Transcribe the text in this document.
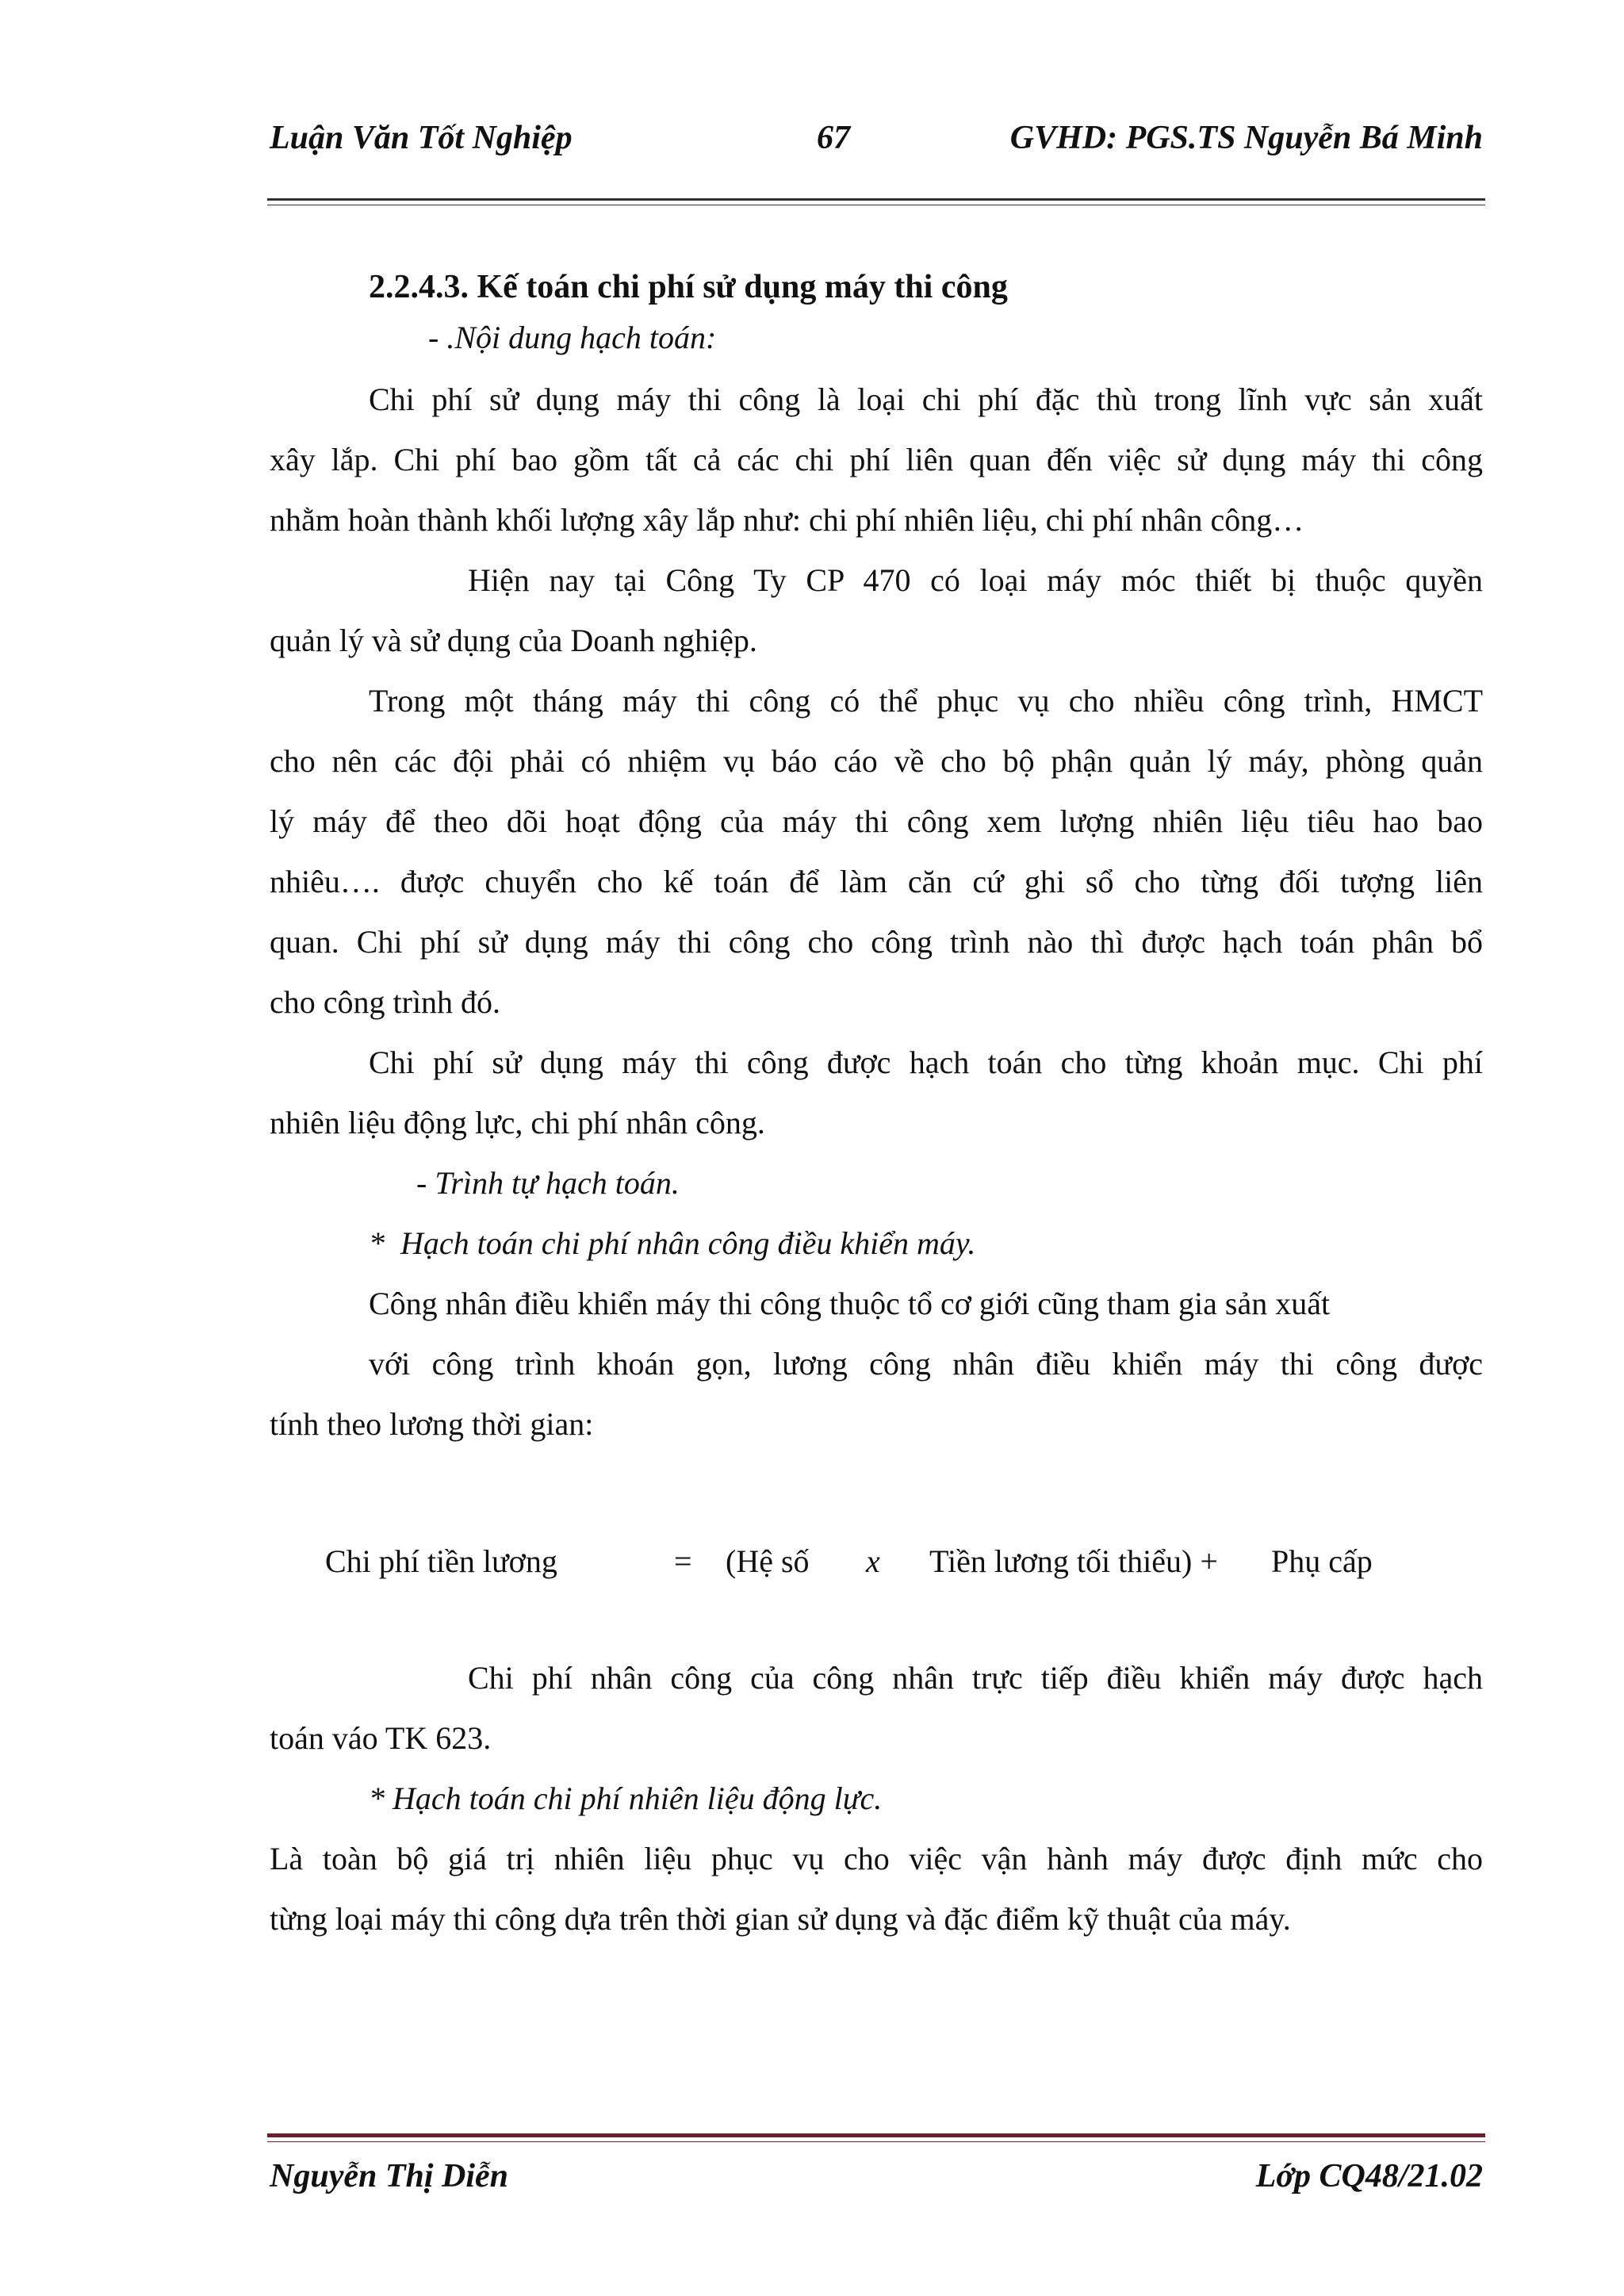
Luận Văn Tốt Nghiệp	67	GVHD: PGS.TS Nguyễn Bá Minh
2.2.4.3. Kế toán chi phí sử dụng máy thi công
- .Nội dung hạch toán:
Chi phí sử dụng máy thi công là loại chi phí đặc thù trong lĩnh vực sản xuất
xây lắp. Chi phí bao gồm tất cả các chi phí liên quan đến việc sử dụng máy thi công
nhằm hoàn thành khối lượng xây lắp như: chi phí nhiên liệu, chi phí nhân công…
Hiện nay tại Công Ty CP 470 có loại máy móc thiết bị thuộc quyền
quản lý và sử dụng của Doanh nghiệp.
Trong một tháng máy thi công có thể phục vụ cho nhiều công trình, HMCT
cho nên các đội phải có nhiệm vụ báo cáo về cho bộ phận quản lý máy, phòng quản
lý máy để theo dõi hoạt động của máy thi công xem lượng nhiên liệu tiêu hao bao
nhiêu…. được chuyển cho kế toán để làm căn cứ ghi sổ cho từng đối tượng liên
quan. Chi phí sử dụng máy thi công cho công trình nào thì được hạch toán phân bổ
cho công trình đó.
Chi phí sử dụng máy thi công được hạch toán cho từng khoản mục. Chi phí
nhiên liệu động lực, chi phí nhân công.
- Trình tự hạch toán.
*  Hạch toán chi phí nhân công điều khiển máy.
Công nhân điều khiển máy thi công thuộc tổ cơ giới cũng tham gia sản xuất
với công trình khoán gọn, lương công nhân điều khiển máy thi công được
tính theo lương thời gian:
Chi phí tiền lương	= (Hệ số x Tiền lương tối thiểu) + Phụ cấp
Chi phí nhân công của công nhân trực tiếp điều khiển máy được hạch
toán váo TK 623.
* Hạch toán chi phí nhiên liệu động lực.
Là toàn bộ giá trị nhiên liệu phục vụ cho việc vận hành máy được định mức cho
từng loại máy thi công dựa trên thời gian sử dụng và đặc điểm kỹ thuật của máy.
Nguyễn Thị Diễn	Lớp CQ48/21.02
